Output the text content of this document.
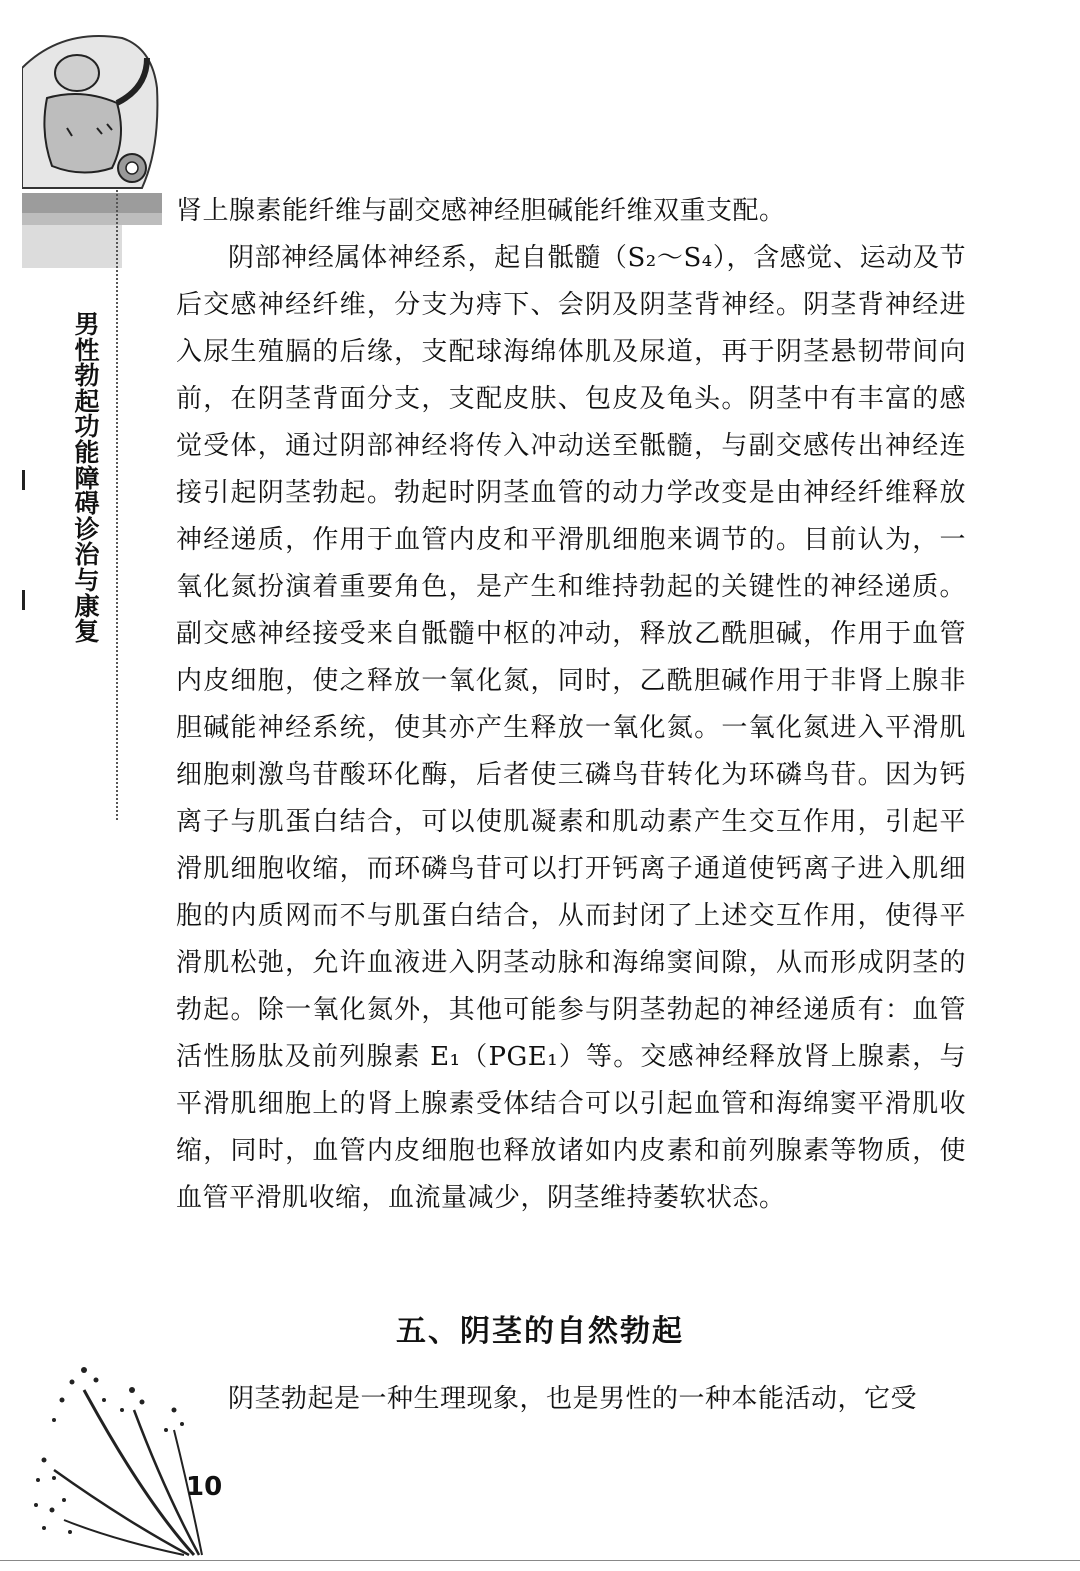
男性勃起功能障碍诊治与康复

肾上腺素能纤维与副交感神经胆碱能纤维双重支配。

阴部神经属体神经系，起自骶髓（S₂～S₄），含感觉、运动及节后交感神经纤维，分支为痔下、会阴及阴茎背神经。阴茎背神经进入尿生殖膈的后缘，支配球海绵体肌及尿道，再于阴茎悬韧带间向前，在阴茎背面分支，支配皮肤、包皮及龟头。阴茎中有丰富的感觉受体，通过阴部神经将传入冲动送至骶髓，与副交感传出神经连接引起阴茎勃起。勃起时阴茎血管的动力学改变是由神经纤维释放神经递质，作用于血管内皮和平滑肌细胞来调节的。目前认为，一氧化氮扮演着重要角色，是产生和维持勃起的关键性的神经递质。副交感神经接受来自骶髓中枢的冲动，释放乙酰胆碱，作用于血管内皮细胞，使之释放一氧化氮，同时，乙酰胆碱作用于非肾上腺非胆碱能神经系统，使其亦产生释放一氧化氮。一氧化氮进入平滑肌细胞刺激鸟苷酸环化酶，后者使三磷鸟苷转化为环磷鸟苷。因为钙离子与肌蛋白结合，可以使肌凝素和肌动素产生交互作用，引起平滑肌细胞收缩，而环磷鸟苷可以打开钙离子通道使钙离子进入肌细胞的内质网而不与肌蛋白结合，从而封闭了上述交互作用，使得平滑肌松弛，允许血液进入阴茎动脉和海绵窦间隙，从而形成阴茎的勃起。除一氧化氮外，其他可能参与阴茎勃起的神经递质有：血管活性肠肽及前列腺素 E₁（PGE₁）等。交感神经释放肾上腺素，与平滑肌细胞上的肾上腺素受体结合可以引起血管和海绵窦平滑肌收缩，同时，血管内皮细胞也释放诸如内皮素和前列腺素等物质，使血管平滑肌收缩，血流量减少，阴茎维持萎软状态。

五、阴茎的自然勃起
阴茎勃起是一种生理现象，也是男性的一种本能活动，它受
10
